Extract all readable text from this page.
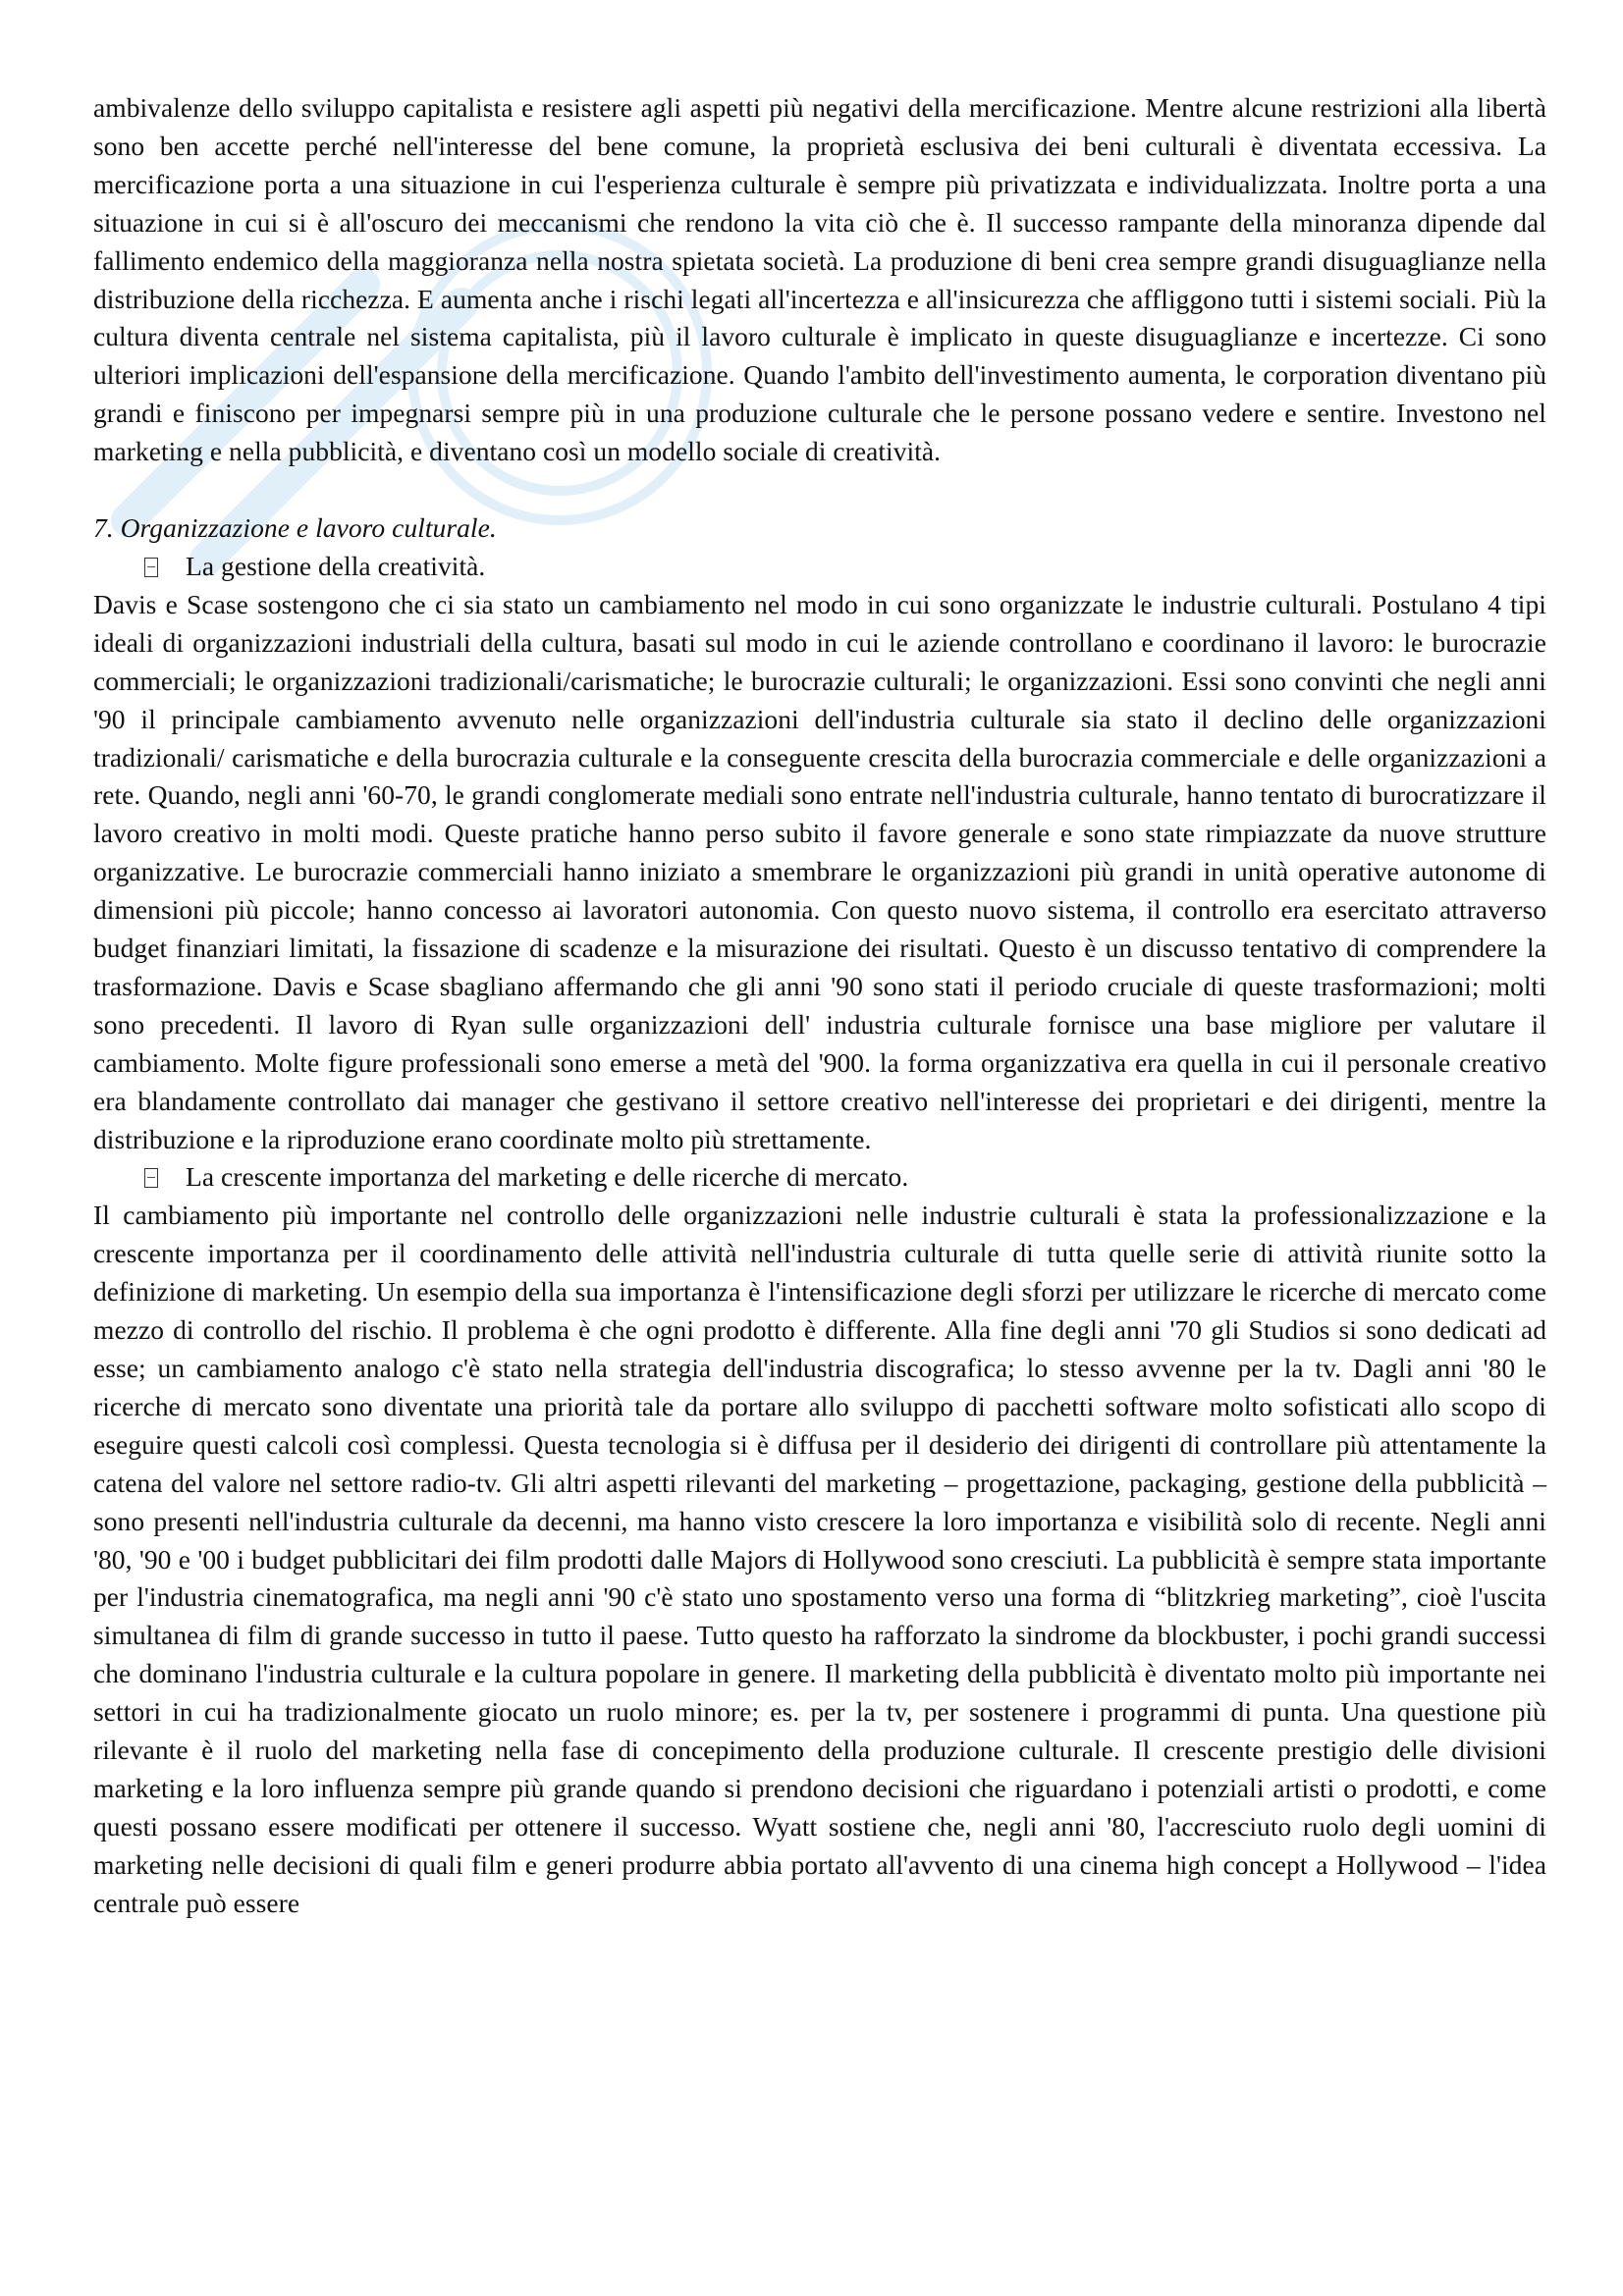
ambivalenze dello sviluppo capitalista e resistere agli aspetti più negativi della mercificazione. Mentre alcune restrizioni alla libertà sono ben accette perché nell'interesse del bene comune, la proprietà esclusiva dei beni culturali è diventata eccessiva. La mercificazione porta a una situazione in cui l'esperienza culturale è sempre più privatizzata e individualizzata. Inoltre porta a una situazione in cui si è all'oscuro dei meccanismi che rendono la vita ciò che è. Il successo rampante della minoranza dipende dal fallimento endemico della maggioranza nella nostra spietata società. La produzione di beni crea sempre grandi disuguaglianze nella distribuzione della ricchezza. E aumenta anche i rischi legati all'incertezza e all'insicurezza che affliggono tutti i sistemi sociali. Più la cultura diventa centrale nel sistema capitalista, più il lavoro culturale è implicato in queste disuguaglianze e incertezze. Ci sono ulteriori implicazioni dell'espansione della mercificazione. Quando l'ambito dell'investimento aumenta, le corporation diventano più grandi e finiscono per impegnarsi sempre più in una produzione culturale che le persone possano vedere e sentire. Investono nel marketing e nella pubblicità, e diventano così un modello sociale di creatività.

7. Organizzazione e lavoro culturale.

La gestione della creatività.

Davis e Scase sostengono che ci sia stato un cambiamento nel modo in cui sono organizzate le industrie culturali. Postulano 4 tipi ideali di organizzazioni industriali della cultura, basati sul modo in cui le aziende controllano e coordinano il lavoro: le burocrazie commerciali; le organizzazioni tradizionali/carismatiche; le burocrazie culturali; le organizzazioni. Essi sono convinti che negli anni '90 il principale cambiamento avvenuto nelle organizzazioni dell'industria culturale sia stato il declino delle organizzazioni tradizionali/ carismatiche e della burocrazia culturale e la conseguente crescita della burocrazia commerciale e delle organizzazioni a rete. Quando, negli anni '60-70, le grandi conglomerate mediali sono entrate nell'industria culturale, hanno tentato di burocratizzare il lavoro creativo in molti modi. Queste pratiche hanno perso subito il favore generale e sono state rimpiazzate da nuove strutture organizzative. Le burocrazie commerciali hanno iniziato a smembrare le organizzazioni più grandi in unità operative autonome di dimensioni più piccole; hanno concesso ai lavoratori autonomia. Con questo nuovo sistema, il controllo era esercitato attraverso budget finanziari limitati, la fissazione di scadenze e la misurazione dei risultati. Questo è un discusso tentativo di comprendere la trasformazione. Davis e Scase sbagliano affermando che gli anni '90 sono stati il periodo cruciale di queste trasformazioni; molti sono precedenti. Il lavoro di Ryan sulle organizzazioni dell' industria culturale fornisce una base migliore per valutare il cambiamento. Molte figure professionali sono emerse a metà del '900. la forma organizzativa era quella in cui il personale creativo era blandamente controllato dai manager che gestivano il settore creativo nell'interesse dei proprietari e dei dirigenti, mentre la distribuzione e la riproduzione erano coordinate molto più strettamente.

La crescente importanza del marketing e delle ricerche di mercato.

Il cambiamento più importante nel controllo delle organizzazioni nelle industrie culturali è stata la professionalizzazione e la crescente importanza per il coordinamento delle attività nell'industria culturale di tutta quelle serie di attività riunite sotto la definizione di marketing. Un esempio della sua importanza è l'intensificazione degli sforzi per utilizzare le ricerche di mercato come mezzo di controllo del rischio. Il problema è che ogni prodotto è differente. Alla fine degli anni '70 gli Studios si sono dedicati ad esse; un cambiamento analogo c'è stato nella strategia dell'industria discografica; lo stesso avvenne per la tv. Dagli anni '80 le ricerche di mercato sono diventate una priorità tale da portare allo sviluppo di pacchetti software molto sofisticati allo scopo di eseguire questi calcoli così complessi. Questa tecnologia si è diffusa per il desiderio dei dirigenti di controllare più attentamente la catena del valore nel settore radio-tv. Gli altri aspetti rilevanti del marketing – progettazione, packaging, gestione della pubblicità – sono presenti nell'industria culturale da decenni, ma hanno visto crescere la loro importanza e visibilità solo di recente. Negli anni '80, '90 e '00 i budget pubblicitari dei film prodotti dalle Majors di Hollywood sono cresciuti. La pubblicità è sempre stata importante per l'industria cinematografica, ma negli anni '90 c'è stato uno spostamento verso una forma di “blitzkrieg marketing”, cioè l'uscita simultanea di film di grande successo in tutto il paese. Tutto questo ha rafforzato la sindrome da blockbuster, i pochi grandi successi che dominano l'industria culturale e la cultura popolare in genere. Il marketing della pubblicità è diventato molto più importante nei settori in cui ha tradizionalmente giocato un ruolo minore; es. per la tv, per sostenere i programmi di punta. Una questione più rilevante è il ruolo del marketing nella fase di concepimento della produzione culturale. Il crescente prestigio delle divisioni marketing e la loro influenza sempre più grande quando si prendono decisioni che riguardano i potenziali artisti o prodotti, e come questi possano essere modificati per ottenere il successo. Wyatt sostiene che, negli anni '80, l'accresciuto ruolo degli uomini di marketing nelle decisioni di quali film e generi produrre abbia portato all'avvento di una cinema high concept a Hollywood – l'idea centrale può essere
